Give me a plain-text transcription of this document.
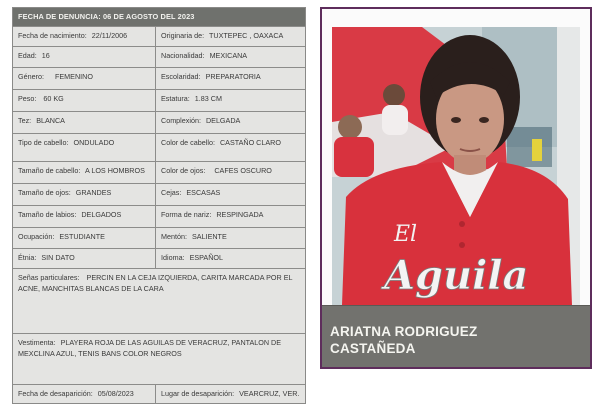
FECHA DE DENUNCIA: 06 DE AGOSTO DEL 2023
Fecha de nacimiento: 22/11/2006	Originaria de: TUXTEPEC , OAXACA
Edad: 16	Nacionalidad: MEXICANA
Género: FEMENINO	Escolaridad: PREPARATORIA
Peso: 60 KG	Estatura: 1.83 CM
Tez: BLANCA	Complexión: DELGADA
Tipo de cabello: ONDULADO	Color de cabello: CASTAÑO CLARO
Tamaño de cabello: A LOS HOMBROS	Color de ojos: CAFES OSCURO
Tamaño de ojos: GRANDES	Cejas: ESCASAS
Tamaño de labios: DELGADOS	Forma de nariz: RESPINGADA
Ocupación: ESTUDIANTE	Mentón: SALIENTE
Étnia: SIN DATO	Idioma: ESPAÑOL
Señas particulares: PERCIN EN LA CEJA IZQUIERDA, CARITA MARCADA POR EL ACNE, MANCHITAS BLANCAS DE LA CARA
Vestimenta: PLAYERA ROJA DE LAS AGUILAS DE VERACRUZ, PANTALON DE MEXCLINA AZUL, TENIS BANS COLOR NEGROS
Fecha de desaparición: 05/08/2023	Lugar de desaparición: VEARCRUZ, VER.
El
Aguila
ARIATNA RODRIGUEZ
CASTAÑEDA
